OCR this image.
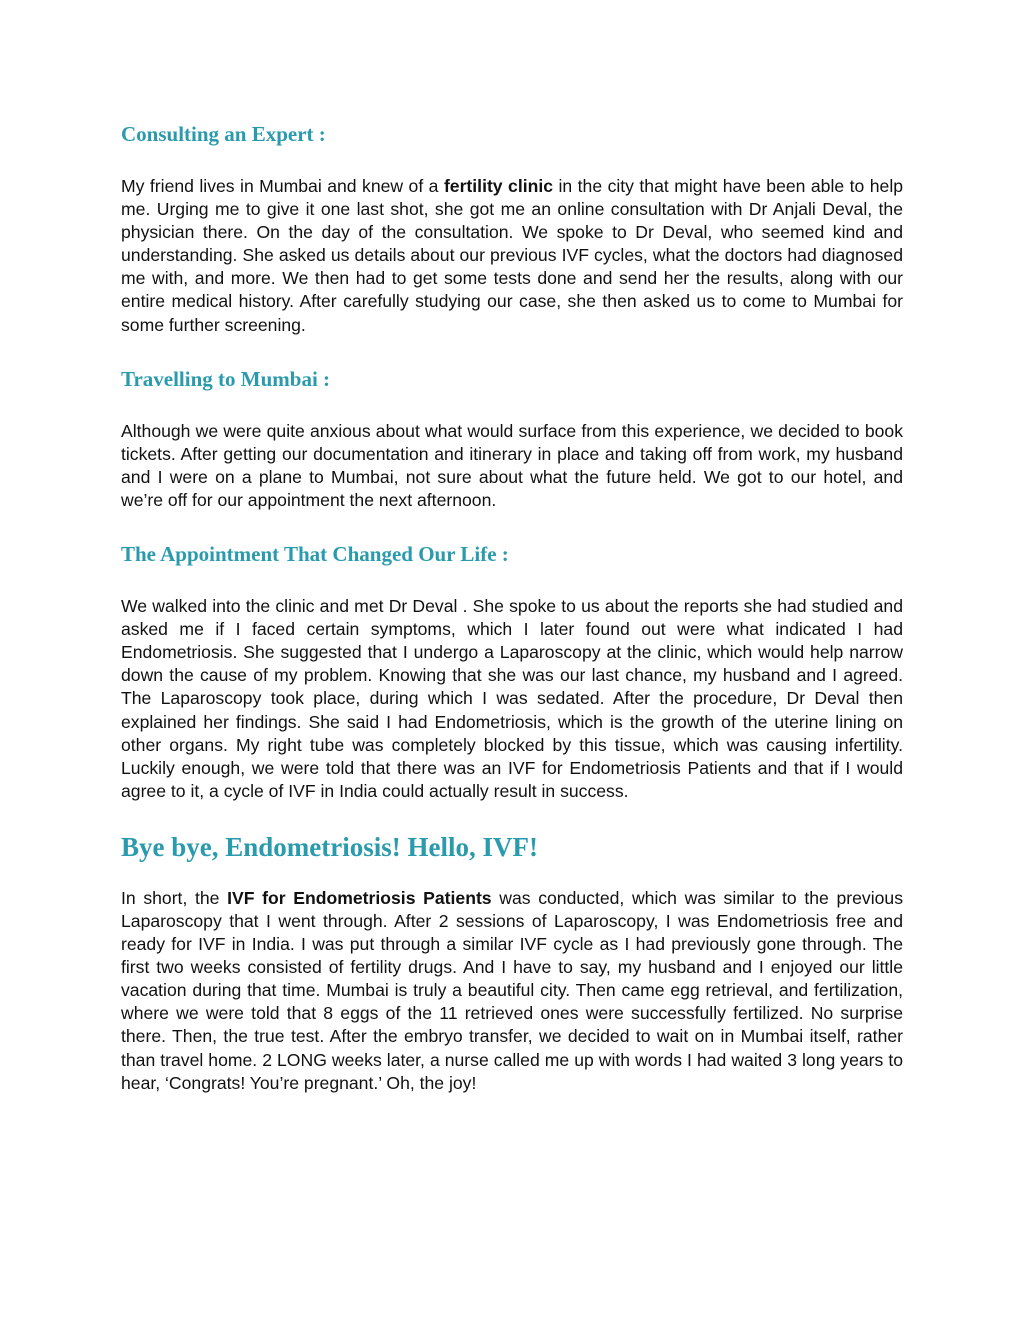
Consulting an Expert :

My friend lives in Mumbai and knew of a fertility clinic in the city that might have been able to help me. Urging me to give it one last shot, she got me an online consultation with Dr Anjali Deval, the physician there. On the day of the consultation. We spoke to Dr Deval, who seemed kind and understanding. She asked us details about our previous IVF cycles, what the doctors had diagnosed me with, and more. We then had to get some tests done and send her the results, along with our entire medical history. After carefully studying our case, she then asked us to come to Mumbai for some further screening.

Travelling to Mumbai :

Although we were quite anxious about what would surface from this experience, we decided to book tickets. After getting our documentation and itinerary in place and taking off from work, my husband and I were on a plane to Mumbai, not sure about what the future held. We got to our hotel, and we’re off for our appointment the next afternoon.

The Appointment That Changed Our Life :

We walked into the clinic and met Dr Deval . She spoke to us about the reports she had studied and asked me if I faced certain symptoms, which I later found out were what indicated I had Endometriosis. She suggested that I undergo a Laparoscopy at the clinic, which would help narrow down the cause of my problem. Knowing that she was our last chance, my husband and I agreed. The Laparoscopy took place, during which I was sedated. After the procedure, Dr Deval then explained her findings. She said I had Endometriosis, which is the growth of the uterine lining on other organs. My right tube was completely blocked by this tissue, which was causing infertility. Luckily enough, we were told that there was an IVF for Endometriosis Patients and that if I would agree to it, a cycle of IVF in India could actually result in success.

Bye bye, Endometriosis! Hello, IVF!

In short, the IVF for Endometriosis Patients was conducted, which was similar to the previous Laparoscopy that I went through. After 2 sessions of Laparoscopy, I was Endometriosis free and ready for IVF in India. I was put through a similar IVF cycle as I had previously gone through. The first two weeks consisted of fertility drugs. And I have to say, my husband and I enjoyed our little vacation during that time. Mumbai is truly a beautiful city. Then came egg retrieval, and fertilization, where we were told that 8 eggs of the 11 retrieved ones were successfully fertilized. No surprise there. Then, the true test. After the embryo transfer, we decided to wait on in Mumbai itself, rather than travel home. 2 LONG weeks later, a nurse called me up with words I had waited 3 long years to hear, ‘Congrats! You’re pregnant.’ Oh, the joy!
